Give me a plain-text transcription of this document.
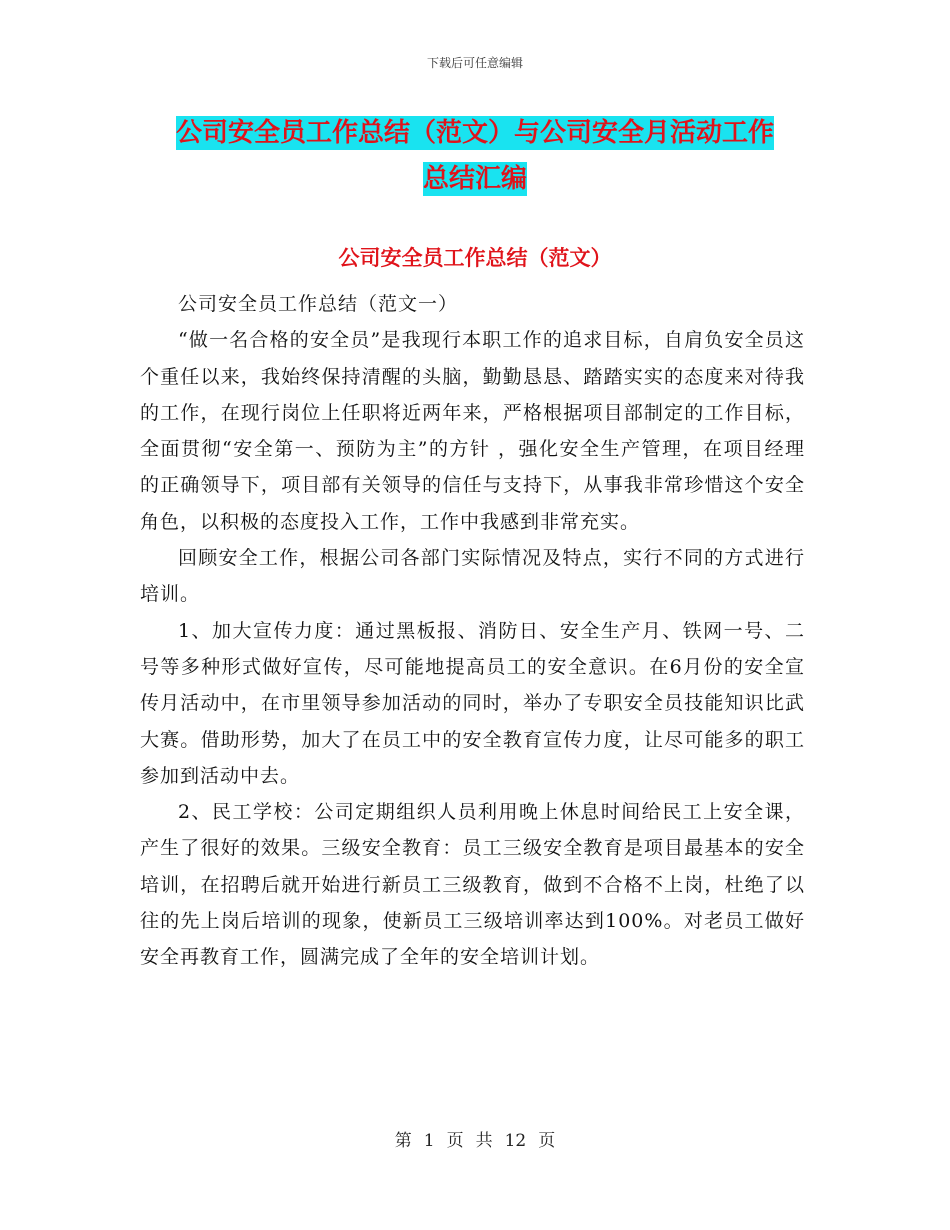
下载后可任意编辑
公司安全员工作总结（范文）与公司安全月活动工作
总结汇编
公司安全员工作总结（范文）

公司安全员工作总结（范文一）

“做一名合格的安全员”是我现行本职工作的追求目标，自肩负安全员这个重任以来，我始终保持清醒的头脑，勤勤恳恳、踏踏实实的态度来对待我的工作，在现行岗位上任职将近两年来，严格根据项目部制定的工作目标，全面贯彻“安全第一、预防为主”的方针 ，强化安全生产管理，在项目经理的正确领导下，项目部有关领导的信任与支持下，从事我非常珍惜这个安全角色，以积极的态度投入工作，工作中我感到非常充实。

回顾安全工作，根据公司各部门实际情况及特点，实行不同的方式进行培训。

1、加大宣传力度：通过黑板报、消防日、安全生产月、铁网一号、二号等多种形式做好宣传，尽可能地提高员工的安全意识。在6月份的安全宣传月活动中，在市里领导参加活动的同时，举办了专职安全员技能知识比武大赛。借助形势，加大了在员工中的安全教育宣传力度，让尽可能多的职工参加到活动中去。

2、民工学校：公司定期组织人员利用晚上休息时间给民工上安全课，产生了很好的效果。三级安全教育：员工三级安全教育是项目最基本的安全培训，在招聘后就开始进行新员工三级教育，做到不合格不上岗，杜绝了以往的先上岗后培训的现象，使新员工三级培训率达到100%。对老员工做好安全再教育工作，圆满完成了全年的安全培训计划。

第 1 页 共 12 页
